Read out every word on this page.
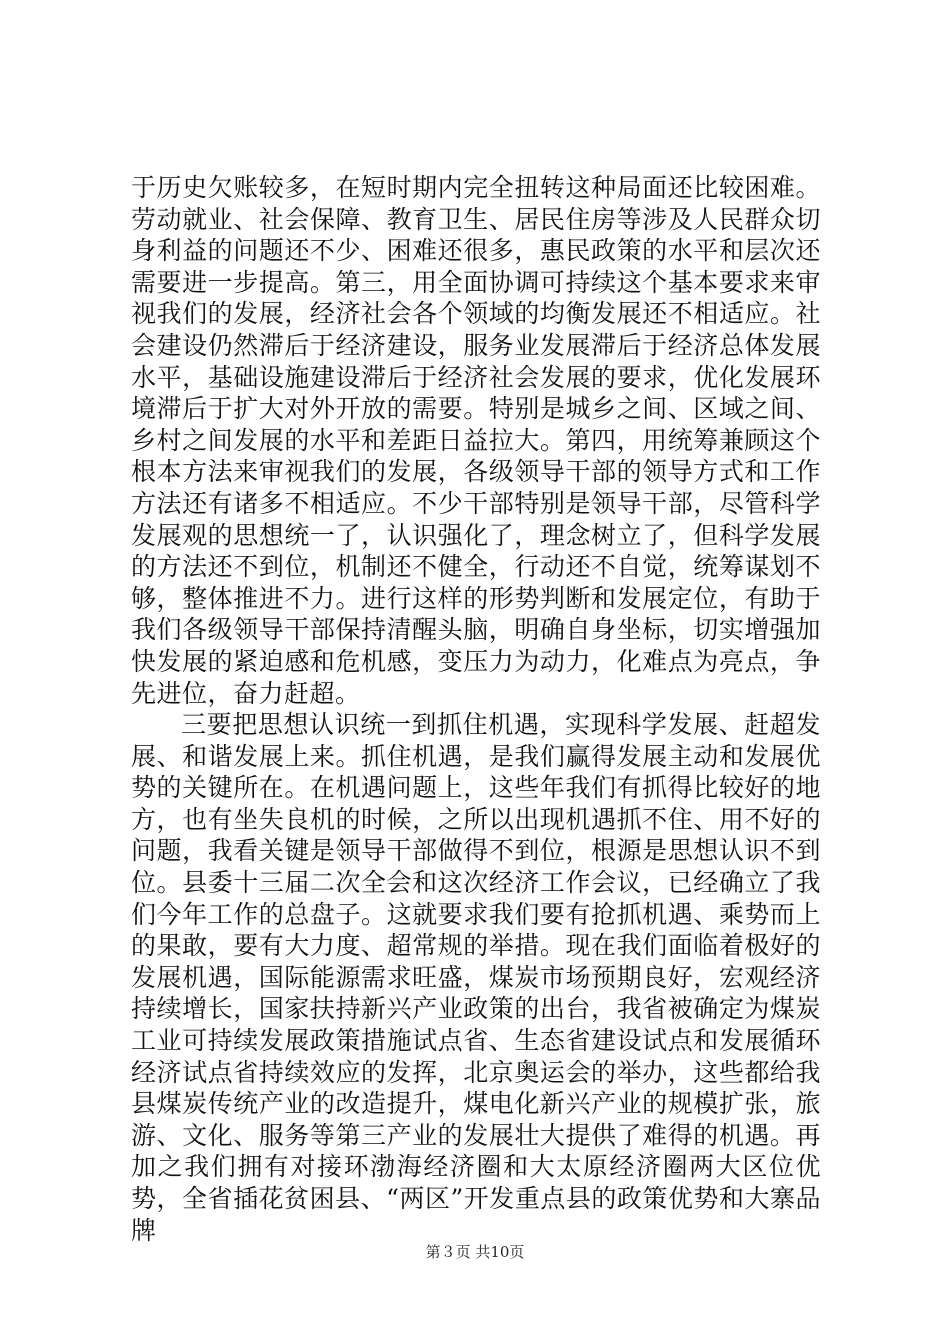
于历史欠账较多，在短时期内完全扭转这种局面还比较困难。劳动就业、社会保障、教育卫生、居民住房等涉及人民群众切身利益的问题还不少、困难还很多，惠民政策的水平和层次还需要进一步提高。第三，用全面协调可持续这个基本要求来审视我们的发展，经济社会各个领域的均衡发展还不相适应。社会建设仍然滞后于经济建设，服务业发展滞后于经济总体发展水平，基础设施建设滞后于经济社会发展的要求，优化发展环境滞后于扩大对外开放的需要。特别是城乡之间、区域之间、乡村之间发展的水平和差距日益拉大。第四，用统筹兼顾这个根本方法来审视我们的发展，各级领导干部的领导方式和工作方法还有诸多不相适应。不少干部特别是领导干部，尽管科学发展观的思想统一了，认识强化了，理念树立了，但科学发展的方法还不到位，机制还不健全，行动还不自觉，统筹谋划不够，整体推进不力。进行这样的形势判断和发展定位，有助于我们各级领导干部保持清醒头脑，明确自身坐标，切实增强加快发展的紧迫感和危机感，变压力为动力，化难点为亮点，争先进位，奋力赶超。

三要把思想认识统一到抓住机遇，实现科学发展、赶超发展、和谐发展上来。抓住机遇，是我们赢得发展主动和发展优势的关键所在。在机遇问题上，这些年我们有抓得比较好的地方，也有坐失良机的时候，之所以出现机遇抓不住、用不好的问题，我看关键是领导干部做得不到位，根源是思想认识不到位。县委十三届二次全会和这次经济工作会议，已经确立了我们今年工作的总盘子。这就要求我们要有抢抓机遇、乘势而上的果敢，要有大力度、超常规的举措。现在我们面临着极好的发展机遇，国际能源需求旺盛，煤炭市场预期良好，宏观经济持续增长，国家扶持新兴产业政策的出台，我省被确定为煤炭工业可持续发展政策措施试点省、生态省建设试点和发展循环经济试点省持续效应的发挥，北京奥运会的举办，这些都给我县煤炭传统产业的改造提升，煤电化新兴产业的规模扩张，旅游、文化、服务等第三产业的发展壮大提供了难得的机遇。再加之我们拥有对接环渤海经济圈和大太原经济圈两大区位优势，全省插花贫困县、“两区”开发重点县的政策优势和大寨品牌

第３页 共10页
